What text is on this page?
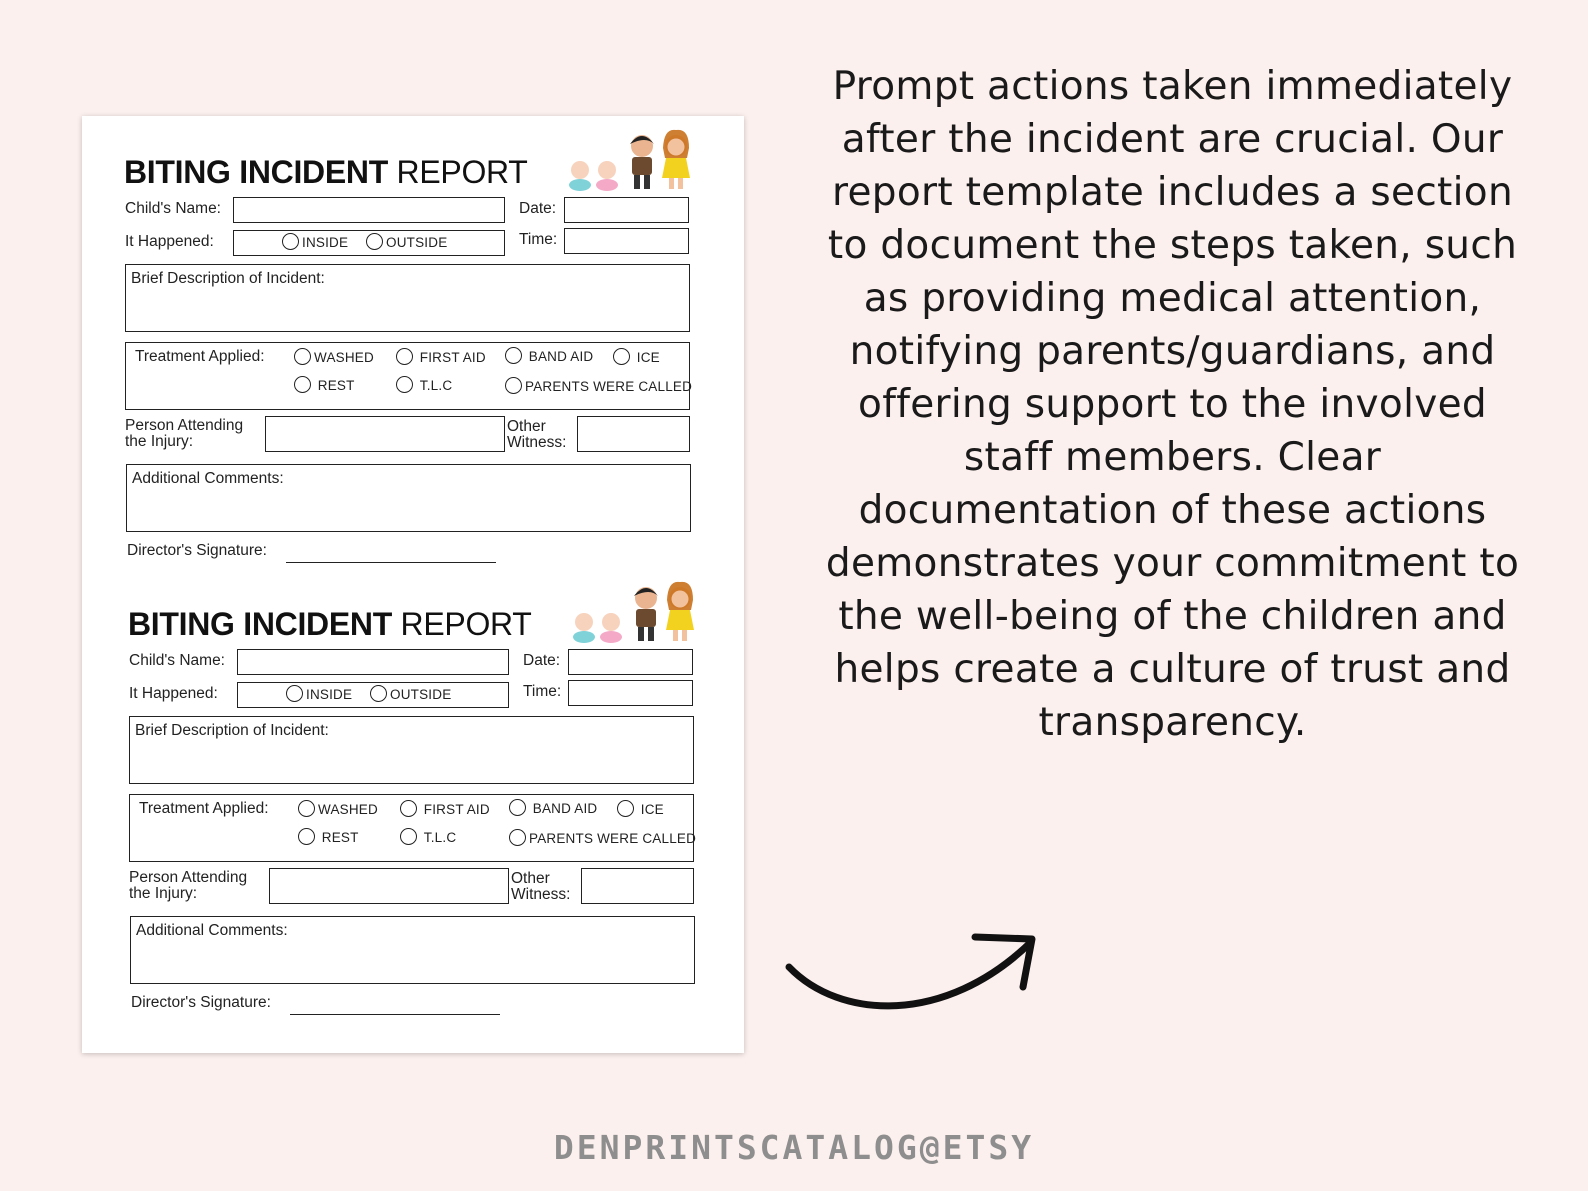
BITING INCIDENT REPORT
Child's Name:	Date:
It Happened:	INSIDE	OUTSIDE	Time:
Brief Description of Incident:
Treatment Applied:	WASHED	FIRST AID	BAND AID	ICE
REST	T.L.C	PARENTS WERE CALLED
Person Attending
the Injury:
Other
Witness:
Additional Comments:
Director's Signature:
BITING INCIDENT REPORT
Child's Name:	Date:
It Happened:	INSIDE	OUTSIDE	Time:
Brief Description of Incident:
Treatment Applied:	WASHED	FIRST AID	BAND AID	ICE
REST	T.L.C	PARENTS WERE CALLED
Person Attending
the Injury:
Other
Witness:
Additional Comments:
Director's Signature:
Prompt actions taken immediately after the incident are crucial. Our report template includes a section to document the steps taken, such as providing medical attention, notifying parents/guardians, and offering support to the involved staff members. Clear documentation of these actions demonstrates your commitment to the well-being of the children and helps create a culture of trust and transparency.
DENPRINTSCATALOG@ETSY
